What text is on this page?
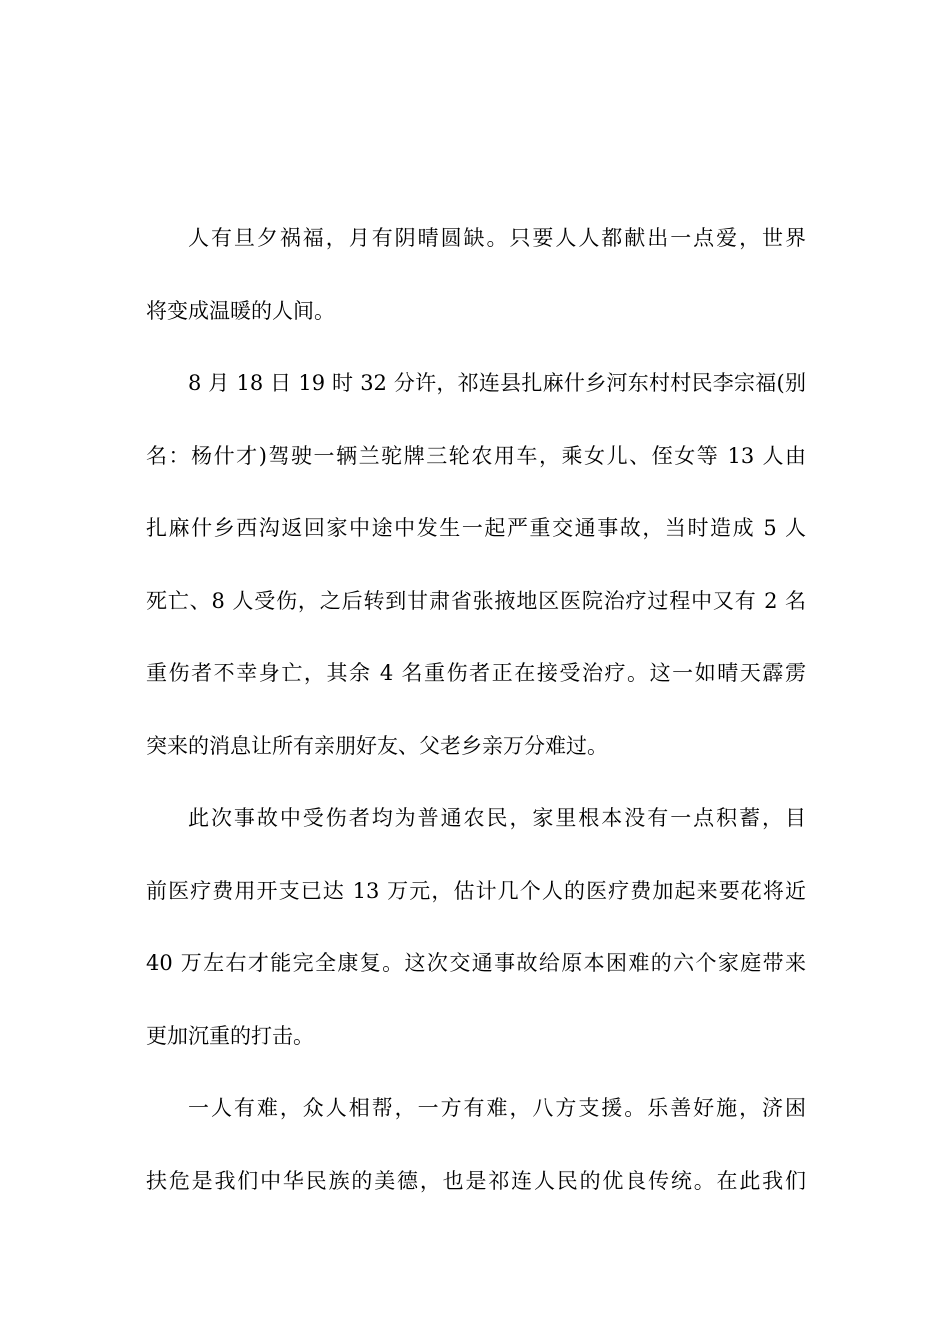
人有旦夕祸福，月有阴晴圆缺。只要人人都献出一点爱，世界
将变成温暖的人间。
8 月 18 日 19 时 32 分许，祁连县扎麻什乡河东村村民李宗福(别
名：杨什才)驾驶一辆兰驼牌三轮农用车，乘女儿、侄女等 13 人由
扎麻什乡西沟返回家中途中发生一起严重交通事故，当时造成 5 人
死亡、8 人受伤，之后转到甘肃省张掖地区医院治疗过程中又有 2 名
重伤者不幸身亡，其余 4 名重伤者正在接受治疗。这一如晴天霹雳
突来的消息让所有亲朋好友、父老乡亲万分难过。
此次事故中受伤者均为普通农民，家里根本没有一点积蓄，目
前医疗费用开支已达 13 万元，估计几个人的医疗费加起来要花将近
40 万左右才能完全康复。这次交通事故给原本困难的六个家庭带来
更加沉重的打击。
一人有难，众人相帮，一方有难，八方支援。乐善好施，济困
扶危是我们中华民族的美德，也是祁连人民的优良传统。在此我们
